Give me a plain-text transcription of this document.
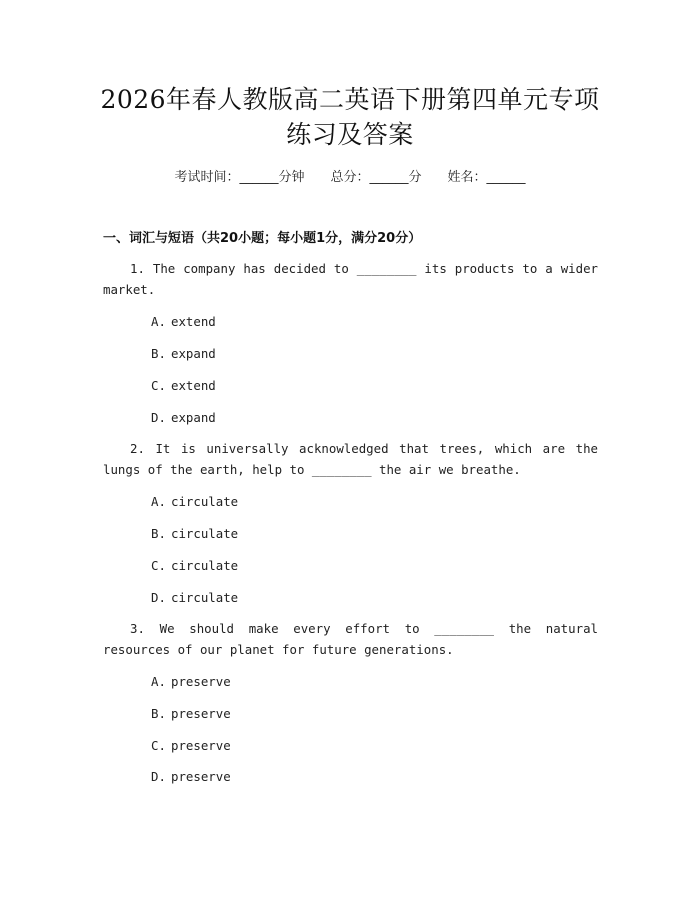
2026年春人教版高二英语下册第四单元专项
练习及答案
考试时间：______分钟 总分：______分 姓名：______
一、词汇与短语（共20小题；每小题1分，满分20分）
1. The company has decided to ________ its products to a wider market.
A. extend
B. expand
C. extend
D. expand
2. It is universally acknowledged that trees, which are the lungs of the earth, help to ________ the air we breathe.
A. circulate
B. circulate
C. circulate
D. circulate
3. We should make every effort to ________ the natural resources of our planet for future generations.
A. preserve
B. preserve
C. preserve
D. preserve
